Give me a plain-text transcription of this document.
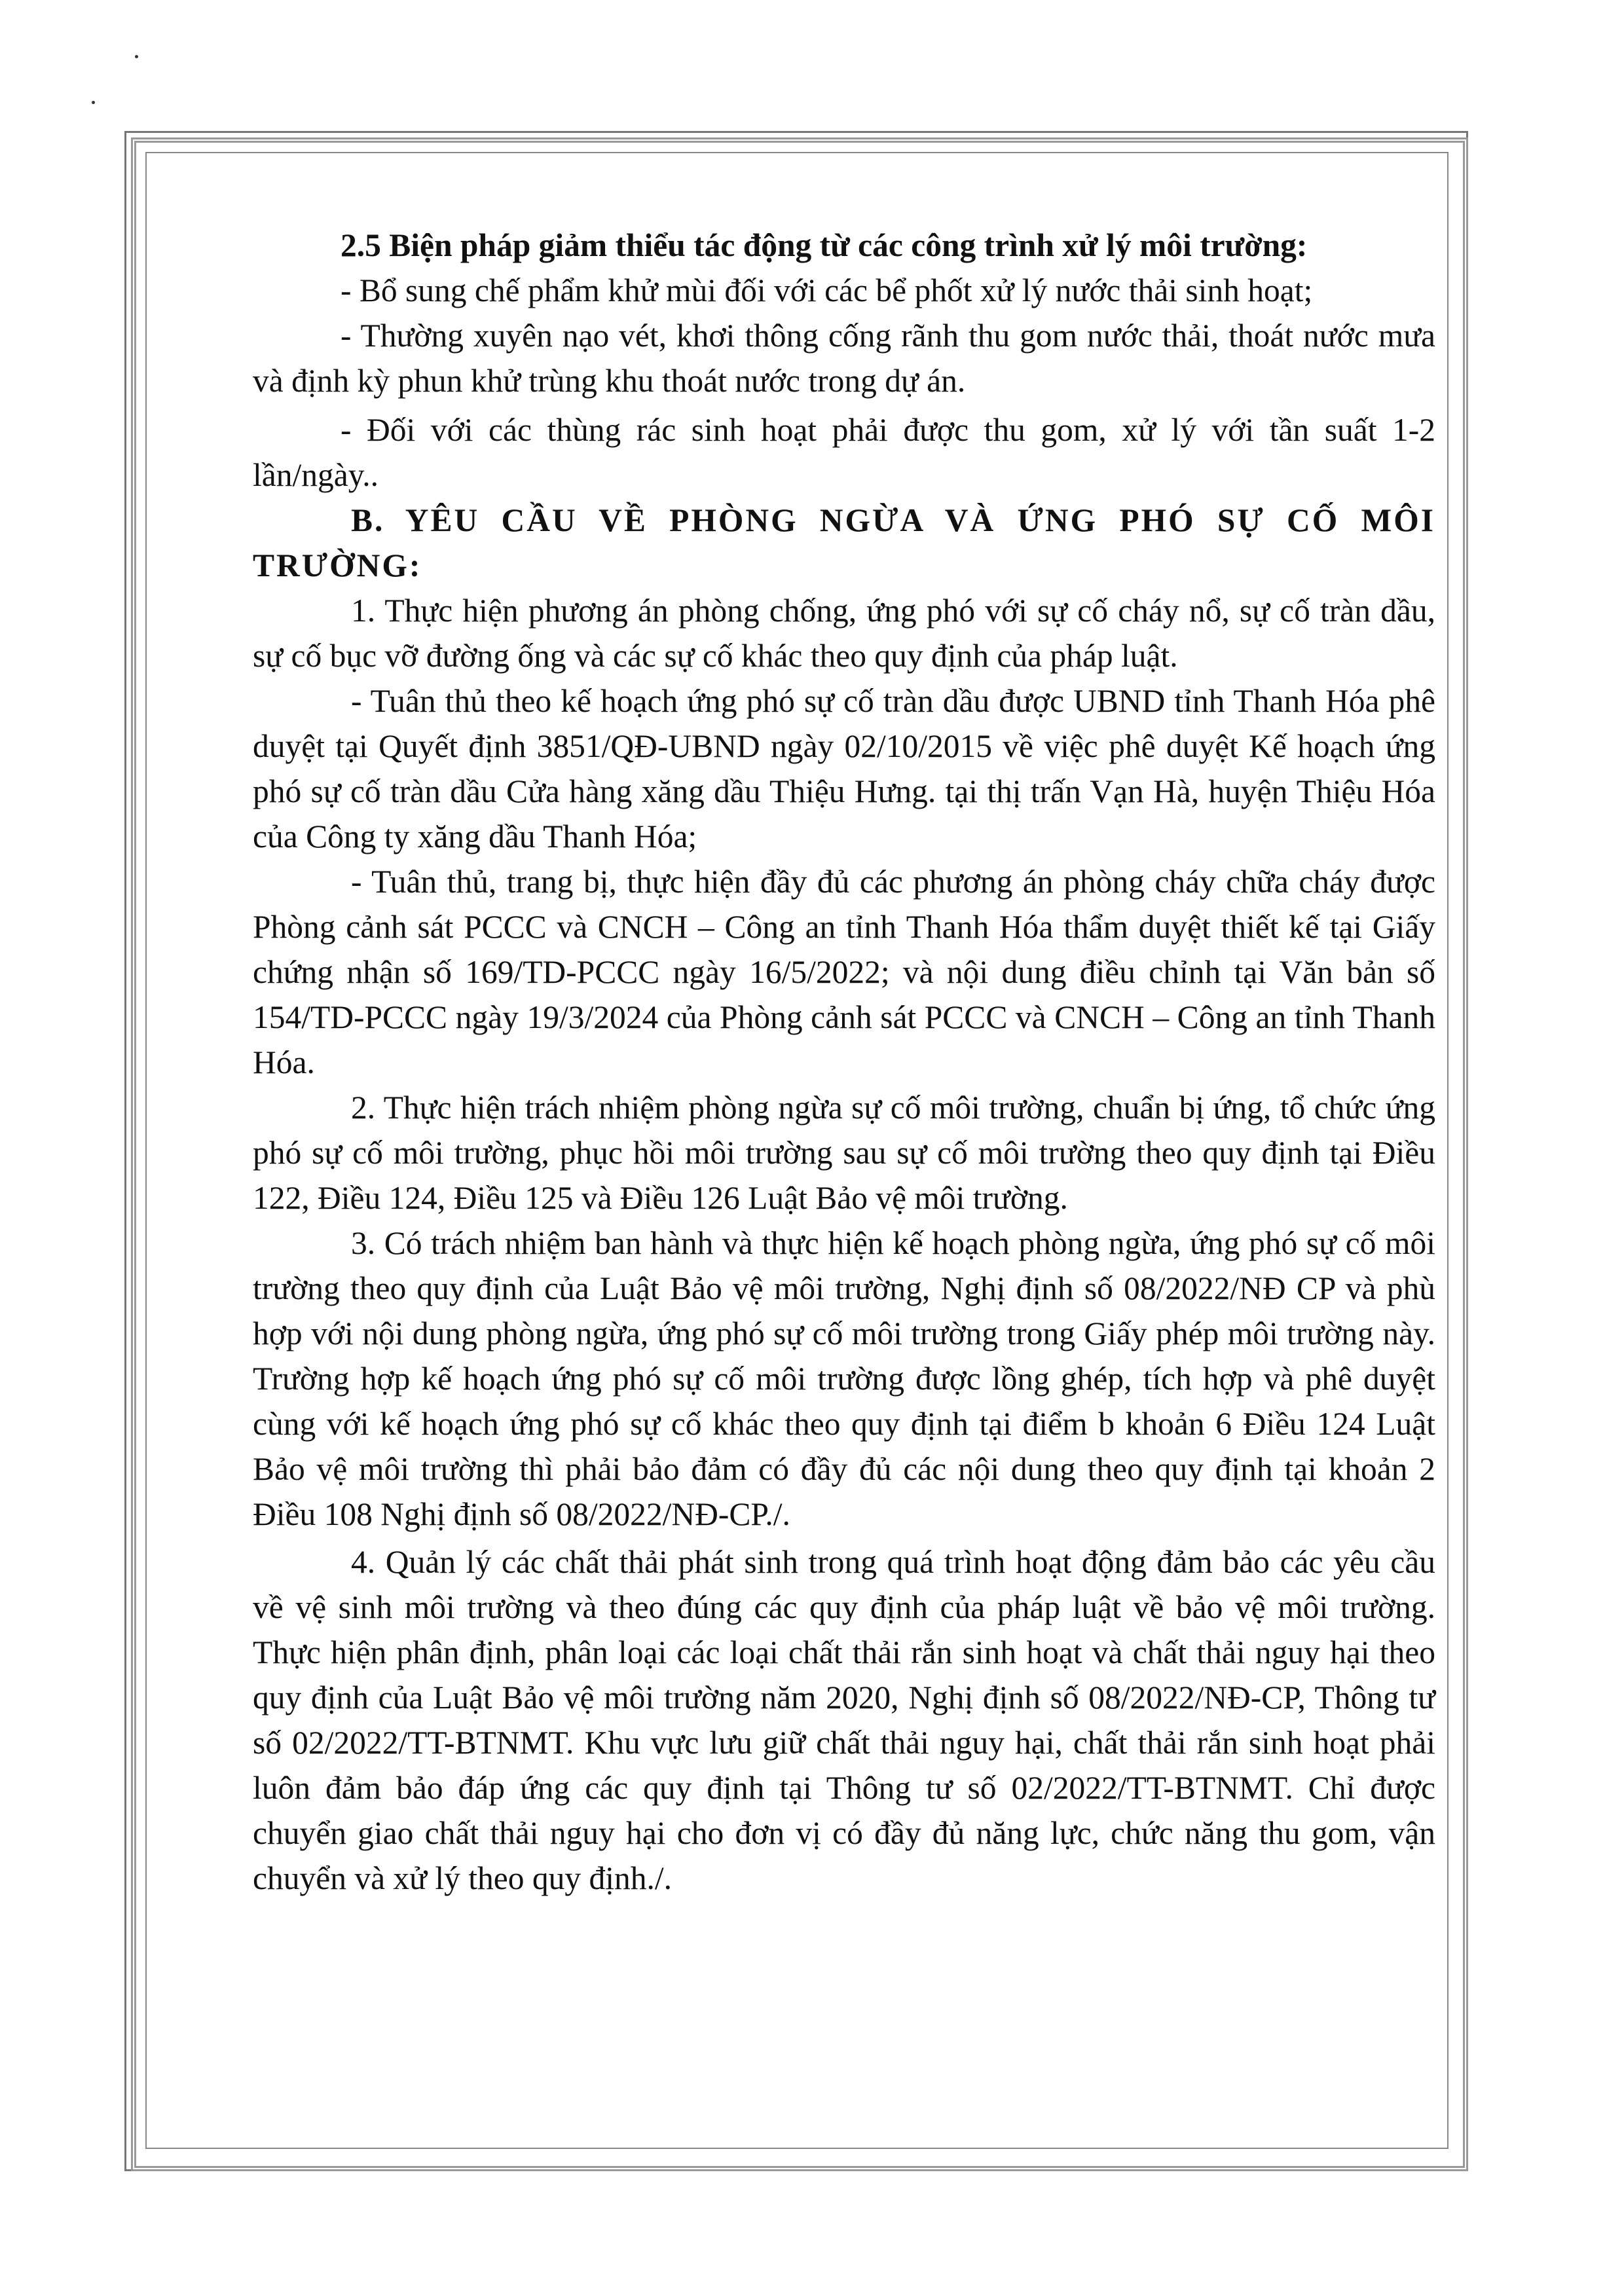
2.5 Biện pháp giảm thiểu tác động từ các công trình xử lý môi trường:

- Bổ sung chế phẩm khử mùi đối với các bể phốt xử lý nước thải sinh hoạt;

- Thường xuyên nạo vét, khơi thông cống rãnh thu gom nước thải, thoát nước mưa và định kỳ phun khử trùng khu thoát nước trong dự án.

- Đối với các thùng rác sinh hoạt phải được thu gom, xử lý với tần suất 1-2 lần/ngày..

B. YÊU CẦU VỀ PHÒNG NGỪA VÀ ỨNG PHÓ SỰ CỐ MÔI TRƯỜNG:

1. Thực hiện phương án phòng chống, ứng phó với sự cố cháy nổ, sự cố tràn dầu, sự cố bục vỡ đường ống và các sự cố khác theo quy định của pháp luật.

- Tuân thủ theo kế hoạch ứng phó sự cố tràn dầu được UBND tỉnh Thanh Hóa phê duyệt tại Quyết định 3851/QĐ-UBND ngày 02/10/2015 về việc phê duyệt Kế hoạch ứng phó sự cố tràn dầu Cửa hàng xăng dầu Thiệu Hưng. tại thị trấn Vạn Hà, huyện Thiệu Hóa của Công ty xăng dầu Thanh Hóa;

- Tuân thủ, trang bị, thực hiện đầy đủ các phương án phòng cháy chữa cháy được Phòng cảnh sát PCCC và CNCH – Công an tỉnh Thanh Hóa thẩm duyệt thiết kế tại Giấy chứng nhận số 169/TD-PCCC ngày 16/5/2022; và nội dung điều chỉnh tại Văn bản số 154/TD-PCCC ngày 19/3/2024 của Phòng cảnh sát PCCC và CNCH – Công an tỉnh Thanh Hóa.

2. Thực hiện trách nhiệm phòng ngừa sự cố môi trường, chuẩn bị ứng, tổ chức ứng phó sự cố môi trường, phục hồi môi trường sau sự cố môi trường theo quy định tại Điều 122, Điều 124, Điều 125 và Điều 126 Luật Bảo vệ môi trường.

3. Có trách nhiệm ban hành và thực hiện kế hoạch phòng ngừa, ứng phó sự cố môi trường theo quy định của Luật Bảo vệ môi trường, Nghị định số 08/2022/NĐ CP và phù hợp với nội dung phòng ngừa, ứng phó sự cố môi trường trong Giấy phép môi trường này. Trường hợp kế hoạch ứng phó sự cố môi trường được lồng ghép, tích hợp và phê duyệt cùng với kế hoạch ứng phó sự cố khác theo quy định tại điểm b khoản 6 Điều 124 Luật Bảo vệ môi trường thì phải bảo đảm có đầy đủ các nội dung theo quy định tại khoản 2 Điều 108 Nghị định số 08/2022/NĐ-CP./.

4. Quản lý các chất thải phát sinh trong quá trình hoạt động đảm bảo các yêu cầu về vệ sinh môi trường và theo đúng các quy định của pháp luật về bảo vệ môi trường. Thực hiện phân định, phân loại các loại chất thải rắn sinh hoạt và chất thải nguy hại theo quy định của Luật Bảo vệ môi trường năm 2020, Nghị định số 08/2022/NĐ-CP, Thông tư số 02/2022/TT-BTNMT. Khu vực lưu giữ chất thải nguy hại, chất thải rắn sinh hoạt phải luôn đảm bảo đáp ứng các quy định tại Thông tư số 02/2022/TT-BTNMT. Chỉ được chuyển giao chất thải nguy hại cho đơn vị có đầy đủ năng lực, chức năng thu gom, vận chuyển và xử lý theo quy định./.
